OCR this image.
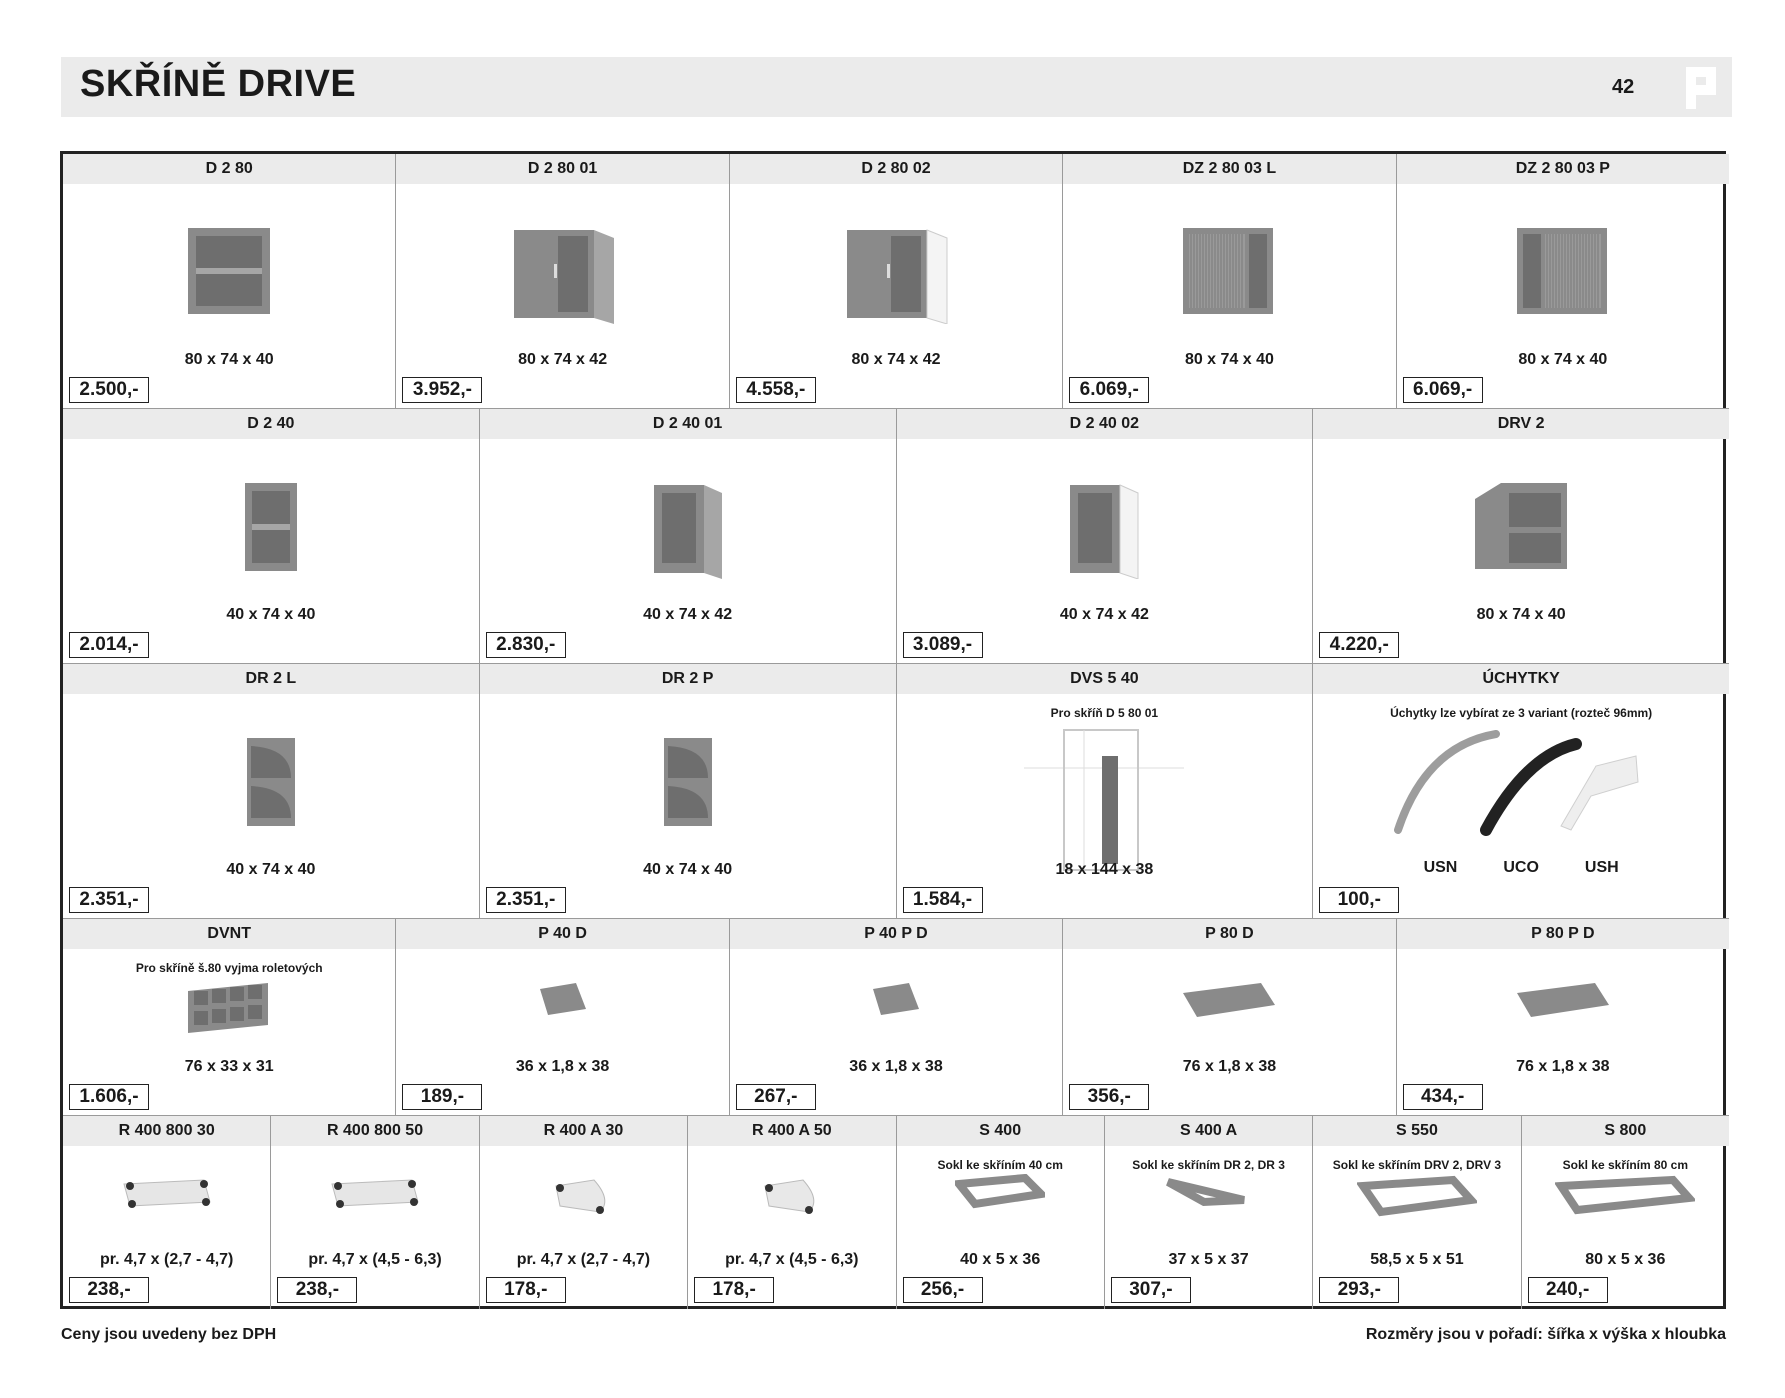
SKŘÍNĚ DRIVE	42
D 2 80
80 x 74 x 40
2.500,-
D 2 80 01
80 x 74 x 42
3.952,-
D 2 80 02
80 x 74 x 42
4.558,-
DZ 2 80 03 L
80 x 74 x 40
6.069,-
DZ 2 80 03 P
80 x 74 x 40
6.069,-
D 2 40
40 x 74 x 40
2.014,-
D 2 40 01
40 x 74 x 42
2.830,-
D 2 40 02
40 x 74 x 42
3.089,-
DRV 2
80 x 74 x 40
4.220,-
DR 2 L
40 x 74 x 40
2.351,-
DR 2 P
40 x 74 x 40
2.351,-
DVS 5 40
Pro skříň D 5 80 01
18 x 144 x 38
1.584,-
ÚCHYTKY
Úchytky lze vybírat ze 3 variant (rozteč 96mm)
USN	UCO	USH
100,-
DVNT
Pro skříně š.80 vyjma roletových
76 x 33 x 31
1.606,-
P 40 D
36 x 1,8 x 38
189,-
P 40 P D
36 x 1,8 x 38
267,-
P 80 D
76 x 1,8 x 38
356,-
P 80 P D
76 x 1,8 x 38
434,-
R 400 800 30
pr. 4,7 x (2,7 - 4,7)
238,-
R 400 800 50
pr. 4,7 x (4,5 - 6,3)
238,-
R 400 A 30
pr. 4,7 x (2,7 - 4,7)
178,-
R 400 A 50
pr. 4,7 x (4,5 - 6,3)
178,-
S 400
Sokl ke skříním 40 cm
40 x 5 x 36
256,-
S 400 A
Sokl ke skříním DR 2, DR 3
37 x 5 x 37
307,-
S 550
Sokl ke skříním DRV 2, DRV 3
58,5 x 5 x 51
293,-
S 800
Sokl ke skříním 80 cm
80 x 5 x 36
240,-
Ceny jsou uvedeny bez DPH	Rozměry jsou v pořadí: šířka x výška x hloubka
